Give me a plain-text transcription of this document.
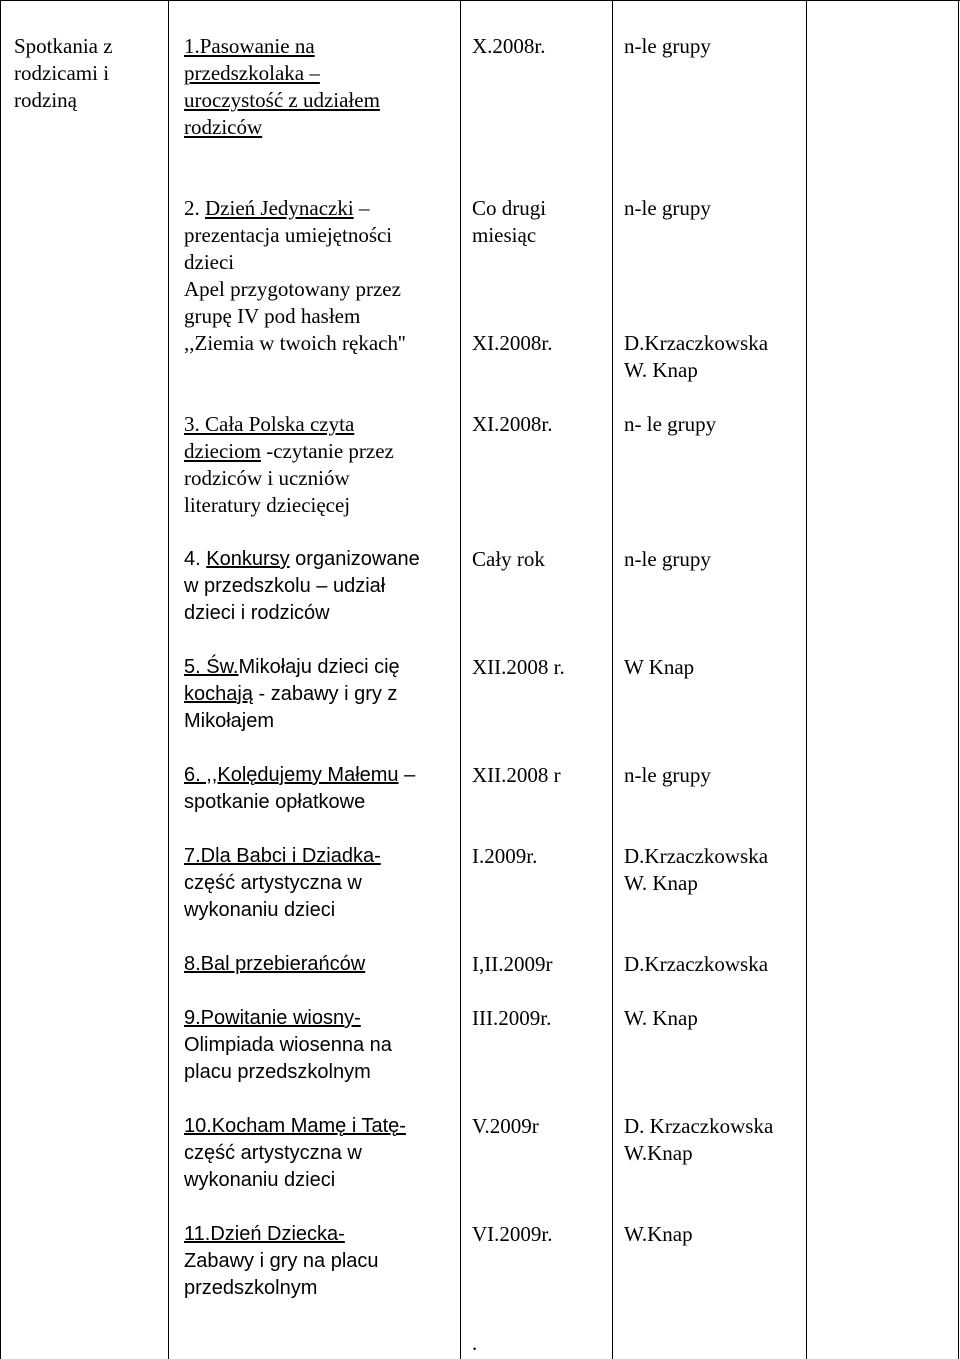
Spotkania z
rodzicami i
rodziną
1.Pasowanie na
przedszkolaka –
uroczystość z udziałem
rodziców
2. Dzień Jedynaczki –
prezentacja umiejętności
dzieci
Apel przygotowany przez
grupę IV pod hasłem
,,Ziemia w twoich rękach''
3. Cała Polska czyta
dzieciom -czytanie przez
rodziców i uczniów
literatury dziecięcej
4. Konkursy organizowane
w przedszkolu – udział
dzieci i rodziców
5. Św.Mikołaju dzieci cię
kochają - zabawy i gry z
Mikołajem
6. ,,Kolędujemy Małemu –
spotkanie opłatkowe
7.Dla Babci i Dziadka-
część artystyczna w
wykonaniu dzieci
8.Bal przebierańców
9.Powitanie wiosny-
Olimpiada wiosenna na
placu przedszkolnym
10.Kocham Mamę i Tatę-
część artystyczna w
wykonaniu dzieci
11.Dzień Dziecka-
Zabawy i gry na placu
przedszkolnym
X.2008r.
Co drugi
miesiąc
XI.2008r.
XI.2008r.
Cały rok
XII.2008 r.
XII.2008 r
I.2009r.
I,II.2009r
III.2009r.
V.2009r
VI.2009r.
.
n-le grupy
n-le grupy
D.Krzaczkowska
W. Knap
n- le grupy
n-le grupy
W Knap
n-le grupy
D.Krzaczkowska
W. Knap
D.Krzaczkowska
W. Knap
D. Krzaczkowska
W.Knap
W.Knap
